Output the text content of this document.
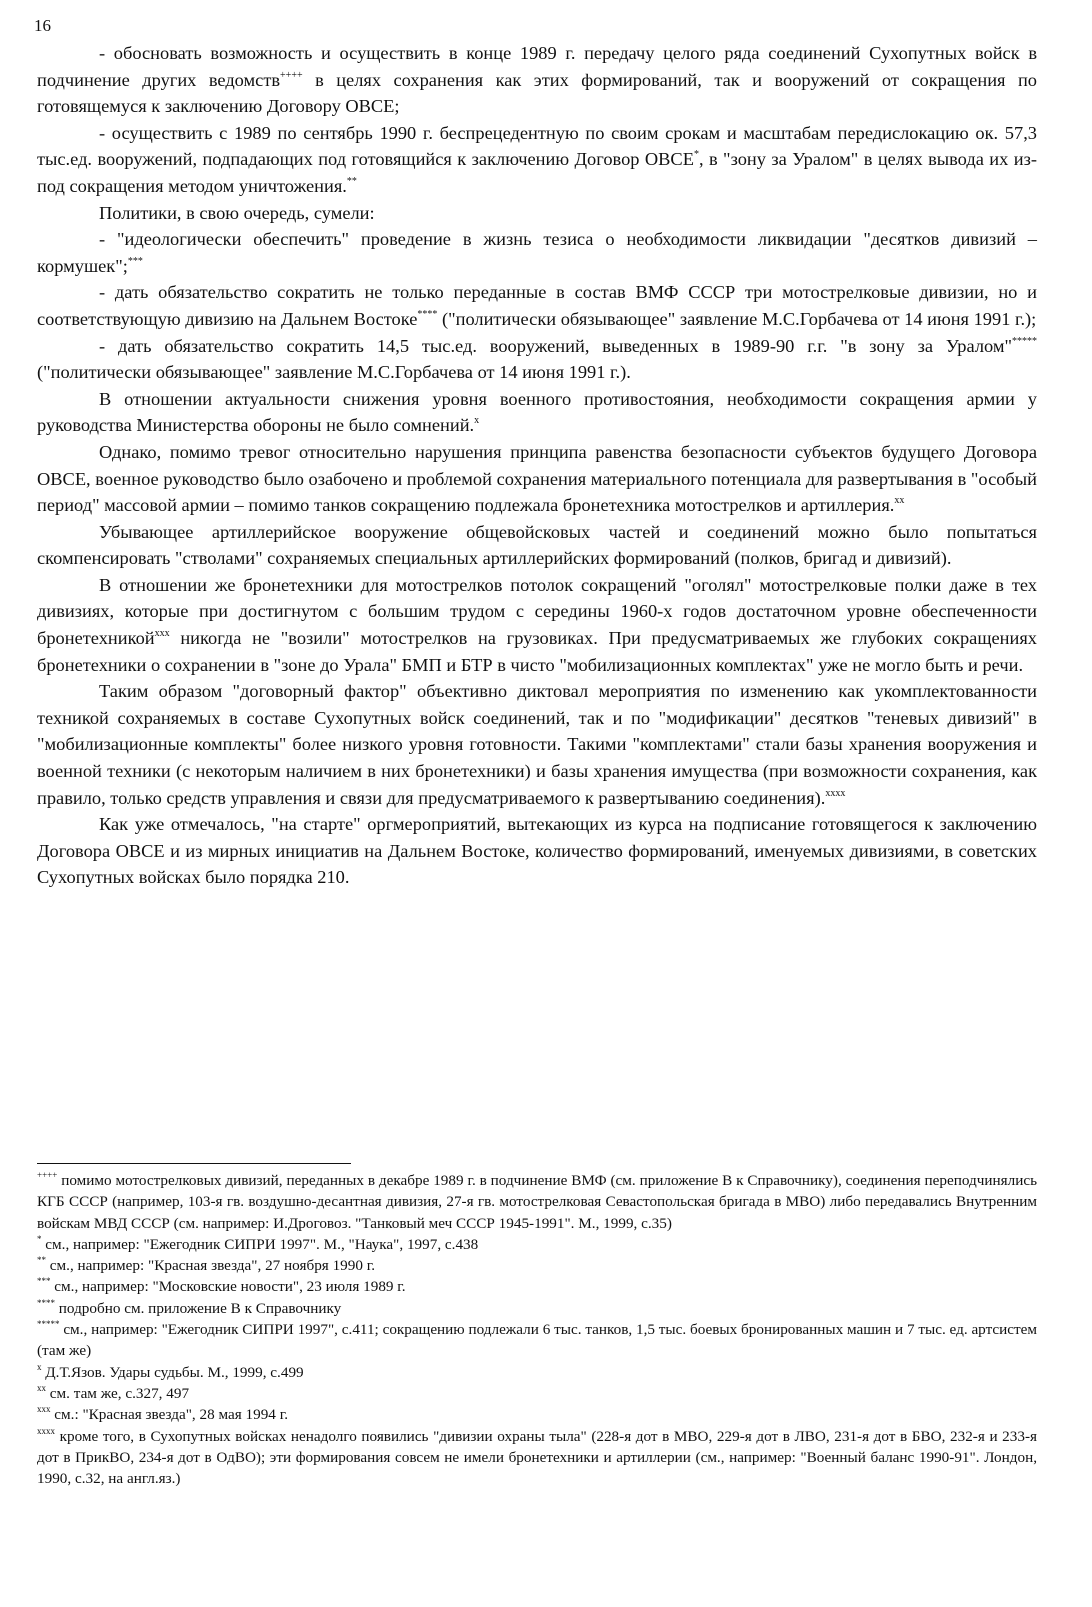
16

- обосновать возможность и осуществить в конце 1989 г. передачу целого ряда соединений Сухопутных войск в подчинение других ведомств++++ в целях сохранения как этих формирований, так и вооружений от сокращения по готовящемуся к заключению Договору ОВСЕ;

- осуществить с 1989 по сентябрь 1990 г. беспрецедентную по своим срокам и масштабам передислокацию ок. 57,3 тыс.ед. вооружений, подпадающих под готовящийся к заключению Договор ОВСЕ*, в "зону за Уралом" в целях вывода их из-под сокращения методом уничтожения.**

Политики, в свою очередь, сумели:

- "идеологически обеспечить" проведение в жизнь тезиса о необходимости ликвидации "десятков дивизий – кормушек";***

- дать обязательство сократить не только переданные в состав ВМФ СССР три мотострелковые дивизии, но и соответствующую дивизию на Дальнем Востоке**** ("политически обязывающее" заявление М.С.Горбачева от 14 июня 1991 г.);

- дать обязательство сократить 14,5 тыс.ед. вооружений, выведенных в 1989-90 г.г. "в зону за Уралом"***** ("политически обязывающее" заявление М.С.Горбачева от 14 июня 1991 г.).

В отношении актуальности снижения уровня военного противостояния, необходимости сокращения армии у руководства Министерства обороны не было сомнений.$^x$

Однако, помимо тревог относительно нарушения принципа равенства безопасности субъектов будущего Договора ОВСЕ, военное руководство было озабочено и проблемой сохранения материального потенциала для развертывания в "особый период" массовой армии – помимо танков сокращению подлежала бронетехника мотострелков и артиллерия.$^{xx}$

Убывающее артиллерийское вооружение общевойсковых частей и соединений можно было попытаться скомпенсировать "стволами" сохраняемых специальных артиллерийских формирований (полков, бригад и дивизий).

В отношении же бронетехники для мотострелков потолок сокращений "оголял" мотострелковые полки даже в тех дивизиях, которые при достигнутом с большим трудом с середины 1960-х годов достаточном уровне обеспеченности бронетехникой$^{xxx}$ никогда не "возили" мотострелков на грузовиках. При предусматриваемых же глубоких сокращениях бронетехники о сохранении в "зоне до Урала" БМП и БТР в чисто "мобилизационных комплектах" уже не могло быть и речи.

Таким образом "договорный фактор" объективно диктовал мероприятия по изменению как укомплектованности техникой сохраняемых в составе Сухопутных войск соединений, так и по "модификации" десятков "теневых дивизий" в "мобилизационные комплекты" более низкого уровня готовности. Такими "комплектами" стали базы хранения вооружения и военной техники (с некоторым наличием в них бронетехники) и базы хранения имущества (при возможности сохранения, как правило, только средств управления и связи для предусматриваемого к развертыванию соединения).$^{xxxx}$

Как уже отмечалось, "на старте" оргмероприятий, вытекающих из курса на подписание готовящегося к заключению Договора ОВСЕ и из мирных инициатив на Дальнем Востоке, количество формирований, именуемых дивизиями, в советских Сухопутных войсках было порядка 210.

++++ помимо мотострелковых дивизий, переданных в декабре 1989 г. в подчинение ВМФ (см. приложение В к Справочнику), соединения переподчинялись КГБ СССР (например, 103-я гв. воздушно-десантная дивизия, 27-я гв. мотострелковая Севастопольская бригада в МВО) либо передавались Внутренним войскам МВД СССР (см. например: И.Дроговоз. "Танковый меч СССР 1945-1991". М., 1999, с.35)

* см., например: "Ежегодник СИПРИ 1997". М., "Наука", 1997, с.438

** см., например: "Красная звезда", 27 ноября 1990 г.

*** см., например: "Московские новости", 23 июля 1989 г.

**** подробно см. приложение В к Справочнику

***** см., например: "Ежегодник СИПРИ 1997", с.411; сокращению подлежали 6 тыс. танков, 1,5 тыс. боевых бронированных машин и 7 тыс. ед. артсистем (там же)

$^x$ Д.Т.Язов. Удары судьбы. М., 1999, с.499

$^{xx}$ см. там же, с.327, 497

$^{xxx}$ см.: "Красная звезда", 28 мая 1994 г.

$^{xxxx}$ кроме того, в Сухопутных войсках ненадолго появились "дивизии охраны тыла" (228-я дот в МВО, 229-я дот в ЛВО, 231-я дот в БВО, 232-я и 233-я дот в ПрикВО, 234-я дот в ОдВО); эти формирования совсем не имели бронетехники и артиллерии (см., например: "Военный баланс 1990-91". Лондон, 1990, с.32, на англ.яз.)
